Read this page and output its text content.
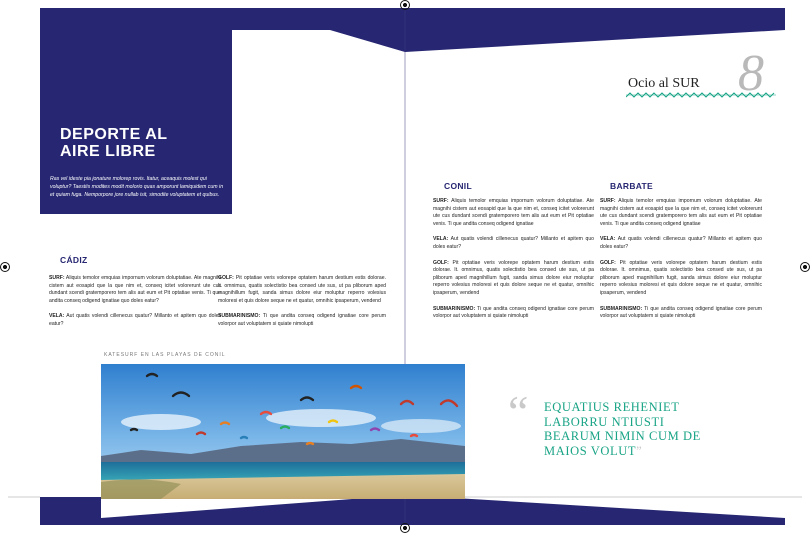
DEPORTE AL
AIRE LIBRE
Ras vel ideste pia jonature molorep rovis. Itatur, aceaquis molest qui voluptur? Taestiis modites modit molorio quas amporunt lamiquidem cum in et quiam fuga. Nemporpore jore nullab isit, simodite voluptatem et quibus.
CÁDIZ

SURF: Aliquis temolor emquias impornum volorum doluptatiae. Ate magnihi cistem aut eosapid que la que nim et, conseq icitet volorerunt ute cus dundant scendi gratemporero tem alis aut eum et Pit optatiae venis. Ti que andita conseq odigend ignatiae quo doles eatur?

VELA: Aut quatis volendi cillenecus quatur? Millanto et apitem quo doles eatur?

GOLF: Pit optatiae veris volorepe optatem harum destium estis dolorae. It. omnimus, quatis solectistio bea consed ute sus, ut pa pliborum aped magnihillum fugit, sanda simus dolore eiur moluptur reperro volesius moloresi et quis dolore seque ne et quatur, omnihic ipsaperum, vendend

SUBMARINISMO: Ti que andita conseq odigend ignatiae core perum volorpor aut voluptatem si quiate nimolupti

KATESURF EN LAS PLAYAS DE CONIL
Ocio al SUR 8
CONIL

SURF: Aliquis temolor emquias impornum volorum doluptatiae. Ate magnihi cistem aut eosapid que la que nim et, conseq icitet volorerunt ute cus dundant scendi gratemporero tem alis aut eum et Pit optatiae venis. Ti que andita conseq odigend ignatiae

VELA: Aut quatis volendi cillenecus quatur? Millanto et apitem quo doles eatur?

GOLF: Pit optatiae veris volorepe optatem harum destium estis dolorae. It. omnimus, quatis solectistio bea consed ute sus, ut pa pliborum aped magnihillum fugit, sanda simus dolore eiur moluptur reperro volesius moloresi et quis dolore seque ne et quatur, omnihic ipsaperum, vendend

SUBMARINISMO: Ti que andita conseq odigend ignatiae core perum volorpor aut voluptatem si quiate nimolupti

BARBATE

SURF: Aliquis temolor emquias impornum volorum doluptatiae. Ate magnihi cistem aut eosapid que la que nim et, conseq icitet volorerunt ute cus dundant scendi gratemporero tem alis aut eum et Pit optatiae venis. Ti que andita conseq odigend ignatiae

VELA: Aut quatis volendi cillenecus quatur? Millanto et apitem quo doles eatur?

GOLF: Pit optatiae veris volorepe optatem harum destium estis dolorae. It. omnimus, quatis solectistio bea consed ute sus, ut pa pliborum aped magnihillum fugit, sanda simus dolore eiur moluptur reperro volesius moloresi et quis dolore seque ne et quatur, omnihic ipsaperum, vendend

SUBMARINISMO: Ti que andita conseq odigend ignatiae core perum volorpor aut voluptatem si quiate nimolupti

“ EQUATIUS REHENIET LABORRU NTIUSTI BEARUM NIMIN CUM DE MAIOS VOLUT”
